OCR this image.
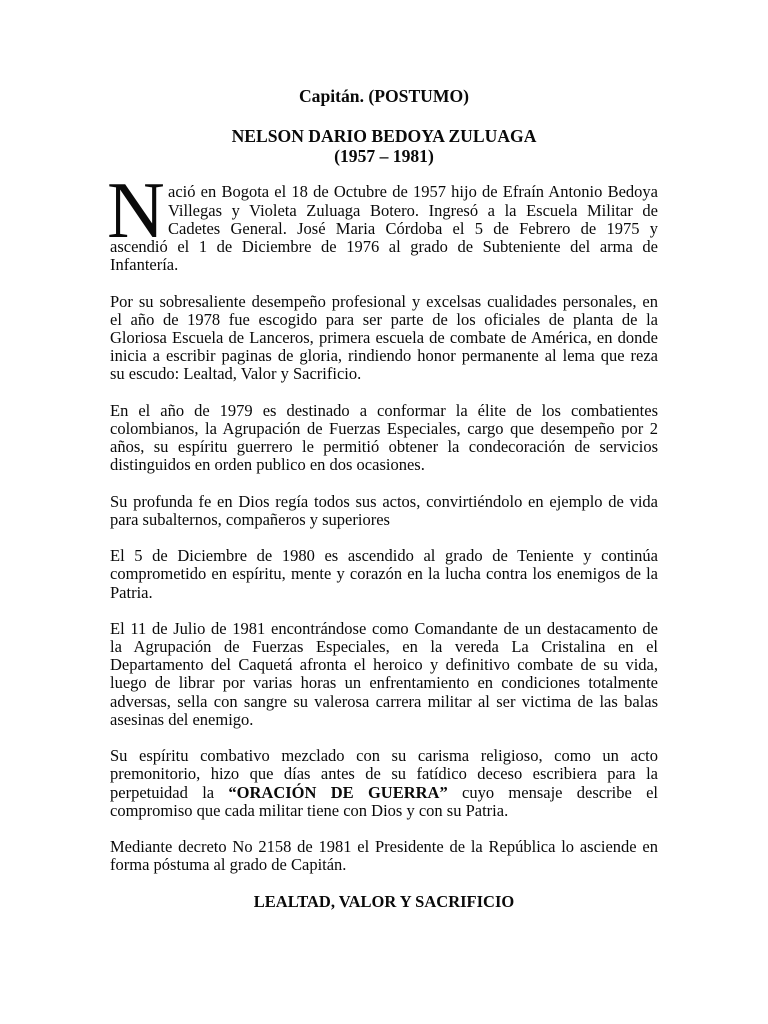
Capitán. (POSTUMO)
NELSON DARIO BEDOYA ZULUAGA
(1957 – 1981)
N ació en Bogota el 18 de Octubre de 1957 hijo de Efraín Antonio Bedoya
Villegas y Violeta Zuluaga Botero. Ingresó a la Escuela Militar de
Cadetes General. José Maria Córdoba el 5 de Febrero de 1975 y
ascendió el 1 de Diciembre de 1976 al grado de Subteniente del arma de
Infantería.
Por su sobresaliente desempeño profesional y excelsas cualidades personales, en
el año de 1978 fue escogido para ser parte de los oficiales de planta de la
Gloriosa Escuela de Lanceros, primera escuela de combate de América, en donde
inicia a escribir paginas de gloria, rindiendo honor permanente al lema que reza
su escudo: Lealtad, Valor y Sacrificio.
En el año de 1979 es destinado a conformar la élite de los combatientes
colombianos, la Agrupación de Fuerzas Especiales, cargo que desempeño por 2
años, su espíritu guerrero le permitió obtener la condecoración de servicios
distinguidos en orden publico en dos ocasiones.
Su profunda fe en Dios regía todos sus actos, convirtiéndolo en ejemplo de vida
para subalternos, compañeros y superiores
El 5 de Diciembre de 1980 es ascendido al grado de Teniente y continúa
comprometido en espíritu, mente y corazón en la lucha contra los enemigos de la
Patria.
El 11 de Julio de 1981 encontrándose como Comandante de un destacamento de
la Agrupación de Fuerzas Especiales, en la vereda La Cristalina en el
Departamento del Caquetá afronta el heroico y definitivo combate de su vida,
luego de librar por varias horas un enfrentamiento en condiciones totalmente
adversas, sella con sangre su valerosa carrera militar al ser victima de las balas
asesinas del enemigo.
Su espíritu combativo mezclado con su carisma religioso, como un acto
premonitorio, hizo que días antes de su fatídico deceso escribiera para la
perpetuidad la “ORACIÓN DE GUERRA” cuyo mensaje describe el
compromiso que cada militar tiene con Dios y con su Patria.
Mediante decreto No 2158 de 1981 el Presidente de la República lo asciende en
forma póstuma al grado de Capitán.
LEALTAD, VALOR Y SACRIFICIO
